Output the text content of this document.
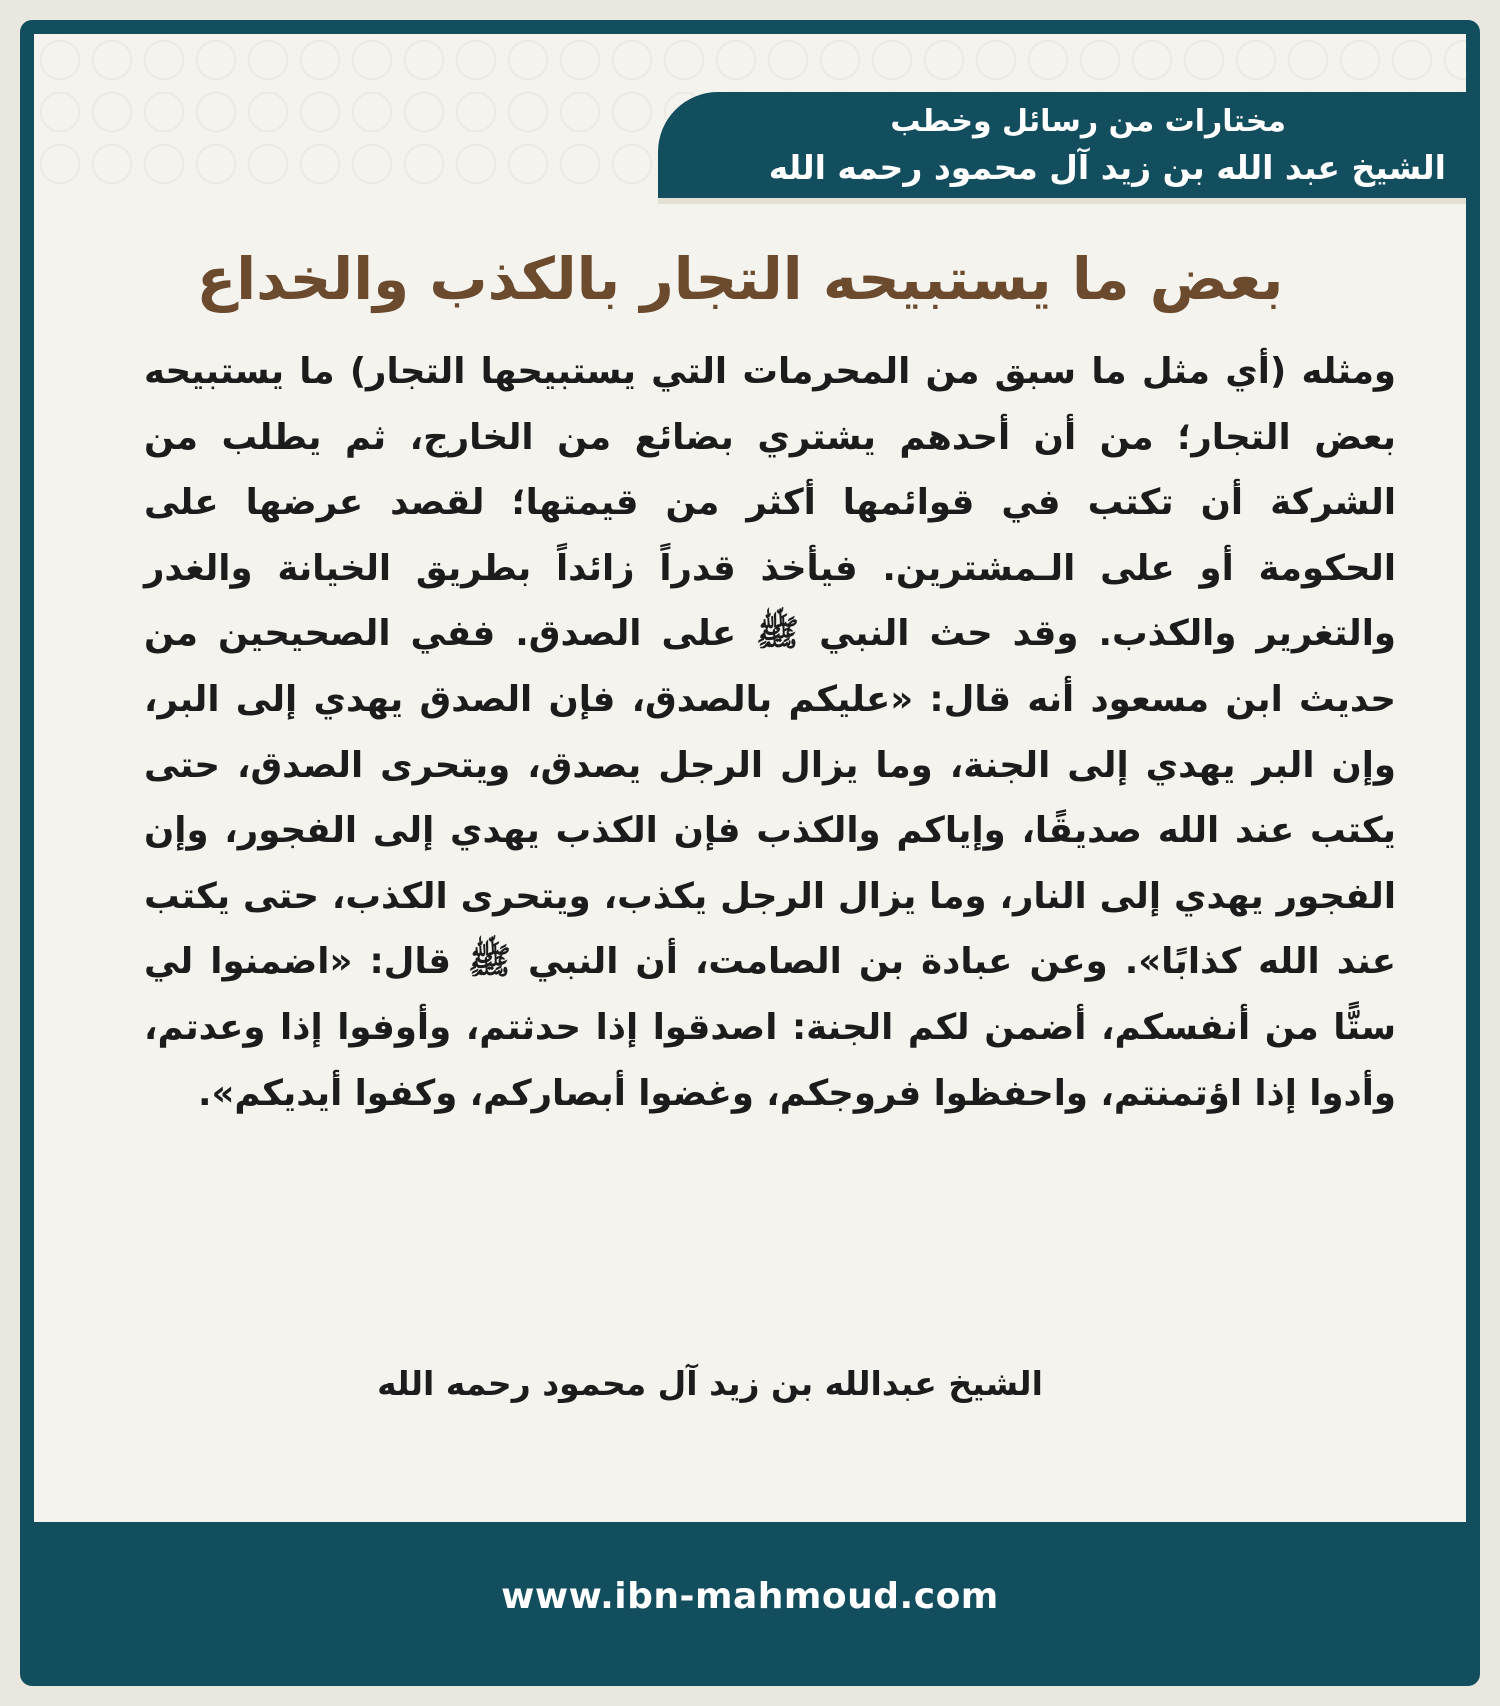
مختارات من رسائل وخطب
الشيخ عبد الله بن زيد آل محمود رحمه الله
بعض ما يستبيحه التجار بالكذب والخداع

ومثله (أي مثل ما سبق من المحرمات التي يستبيحها التجار) ما يستبيحه بعض التجار؛ من أن أحدهم يشتري بضائع من الخارج، ثم يطلب من الشركة أن تكتب في قوائمها أكثر من قيمتها؛ لقصد عرضها على الحكومة أو على الـمشترين. فيأخذ قدراً زائداً بطريق الخيانة والغدر والتغرير والكذب. وقد حث النبي ﷺ على الصدق. ففي الصحيحين من حديث ابن مسعود أنه قال: «عليكم بالصدق، فإن الصدق يهدي إلى البر، وإن البر يهدي إلى الجنة، وما يزال الرجل يصدق، ويتحرى الصدق، حتى يكتب عند الله صديقًا، وإياكم والكذب فإن الكذب يهدي إلى الفجور، وإن الفجور يهدي إلى النار، وما يزال الرجل يكذب، ويتحرى الكذب، حتى يكتب عند الله كذابًا». وعن عبادة بن الصامت، أن النبي ﷺ قال: «اضمنوا لي ستًّا من أنفسكم، أضمن لكم الجنة: اصدقوا إذا حدثتم، وأوفوا إذا وعدتم، وأدوا إذا اؤتمنتم، واحفظوا فروجكم، وغضوا أبصاركم، وكفوا أيديكم».

الشيخ عبدالله بن زيد آل محمود رحمه الله
www.ibn-mahmoud.com
